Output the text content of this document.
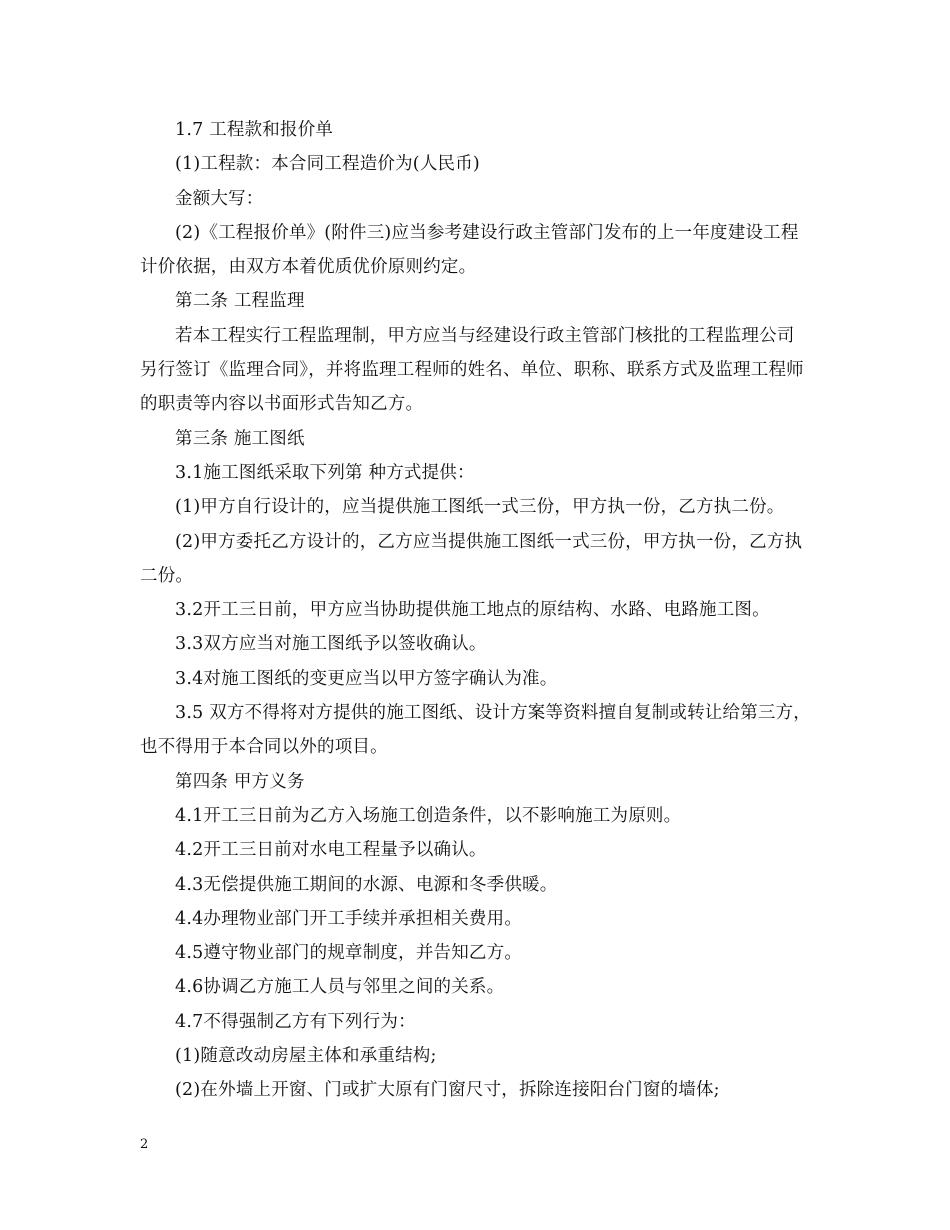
1.7 工程款和报价单

(1)工程款：本合同工程造价为(人民币)

金额大写：

(2)《工程报价单》(附件三)应当参考建设行政主管部门发布的上一年度建设工程计价依据，由双方本着优质优价原则约定。

第二条 工程监理

若本工程实行工程监理制，甲方应当与经建设行政主管部门核批的工程监理公司另行签订《监理合同》，并将监理工程师的姓名、单位、职称、联系方式及监理工程师的职责等内容以书面形式告知乙方。

第三条 施工图纸

3.1施工图纸采取下列第 种方式提供：

(1)甲方自行设计的，应当提供施工图纸一式三份，甲方执一份，乙方执二份。

(2)甲方委托乙方设计的，乙方应当提供施工图纸一式三份，甲方执一份，乙方执二份。

3.2开工三日前，甲方应当协助提供施工地点的原结构、水路、电路施工图。

3.3双方应当对施工图纸予以签收确认。

3.4对施工图纸的变更应当以甲方签字确认为准。

3.5 双方不得将对方提供的施工图纸、设计方案等资料擅自复制或转让给第三方，也不得用于本合同以外的项目。

第四条 甲方义务

4.1开工三日前为乙方入场施工创造条件，以不影响施工为原则。

4.2开工三日前对水电工程量予以确认。

4.3无偿提供施工期间的水源、电源和冬季供暖。

4.4办理物业部门开工手续并承担相关费用。

4.5遵守物业部门的规章制度，并告知乙方。

4.6协调乙方施工人员与邻里之间的关系。

4.7不得强制乙方有下列行为：

(1)随意改动房屋主体和承重结构;

(2)在外墙上开窗、门或扩大原有门窗尺寸，拆除连接阳台门窗的墙体;

2
